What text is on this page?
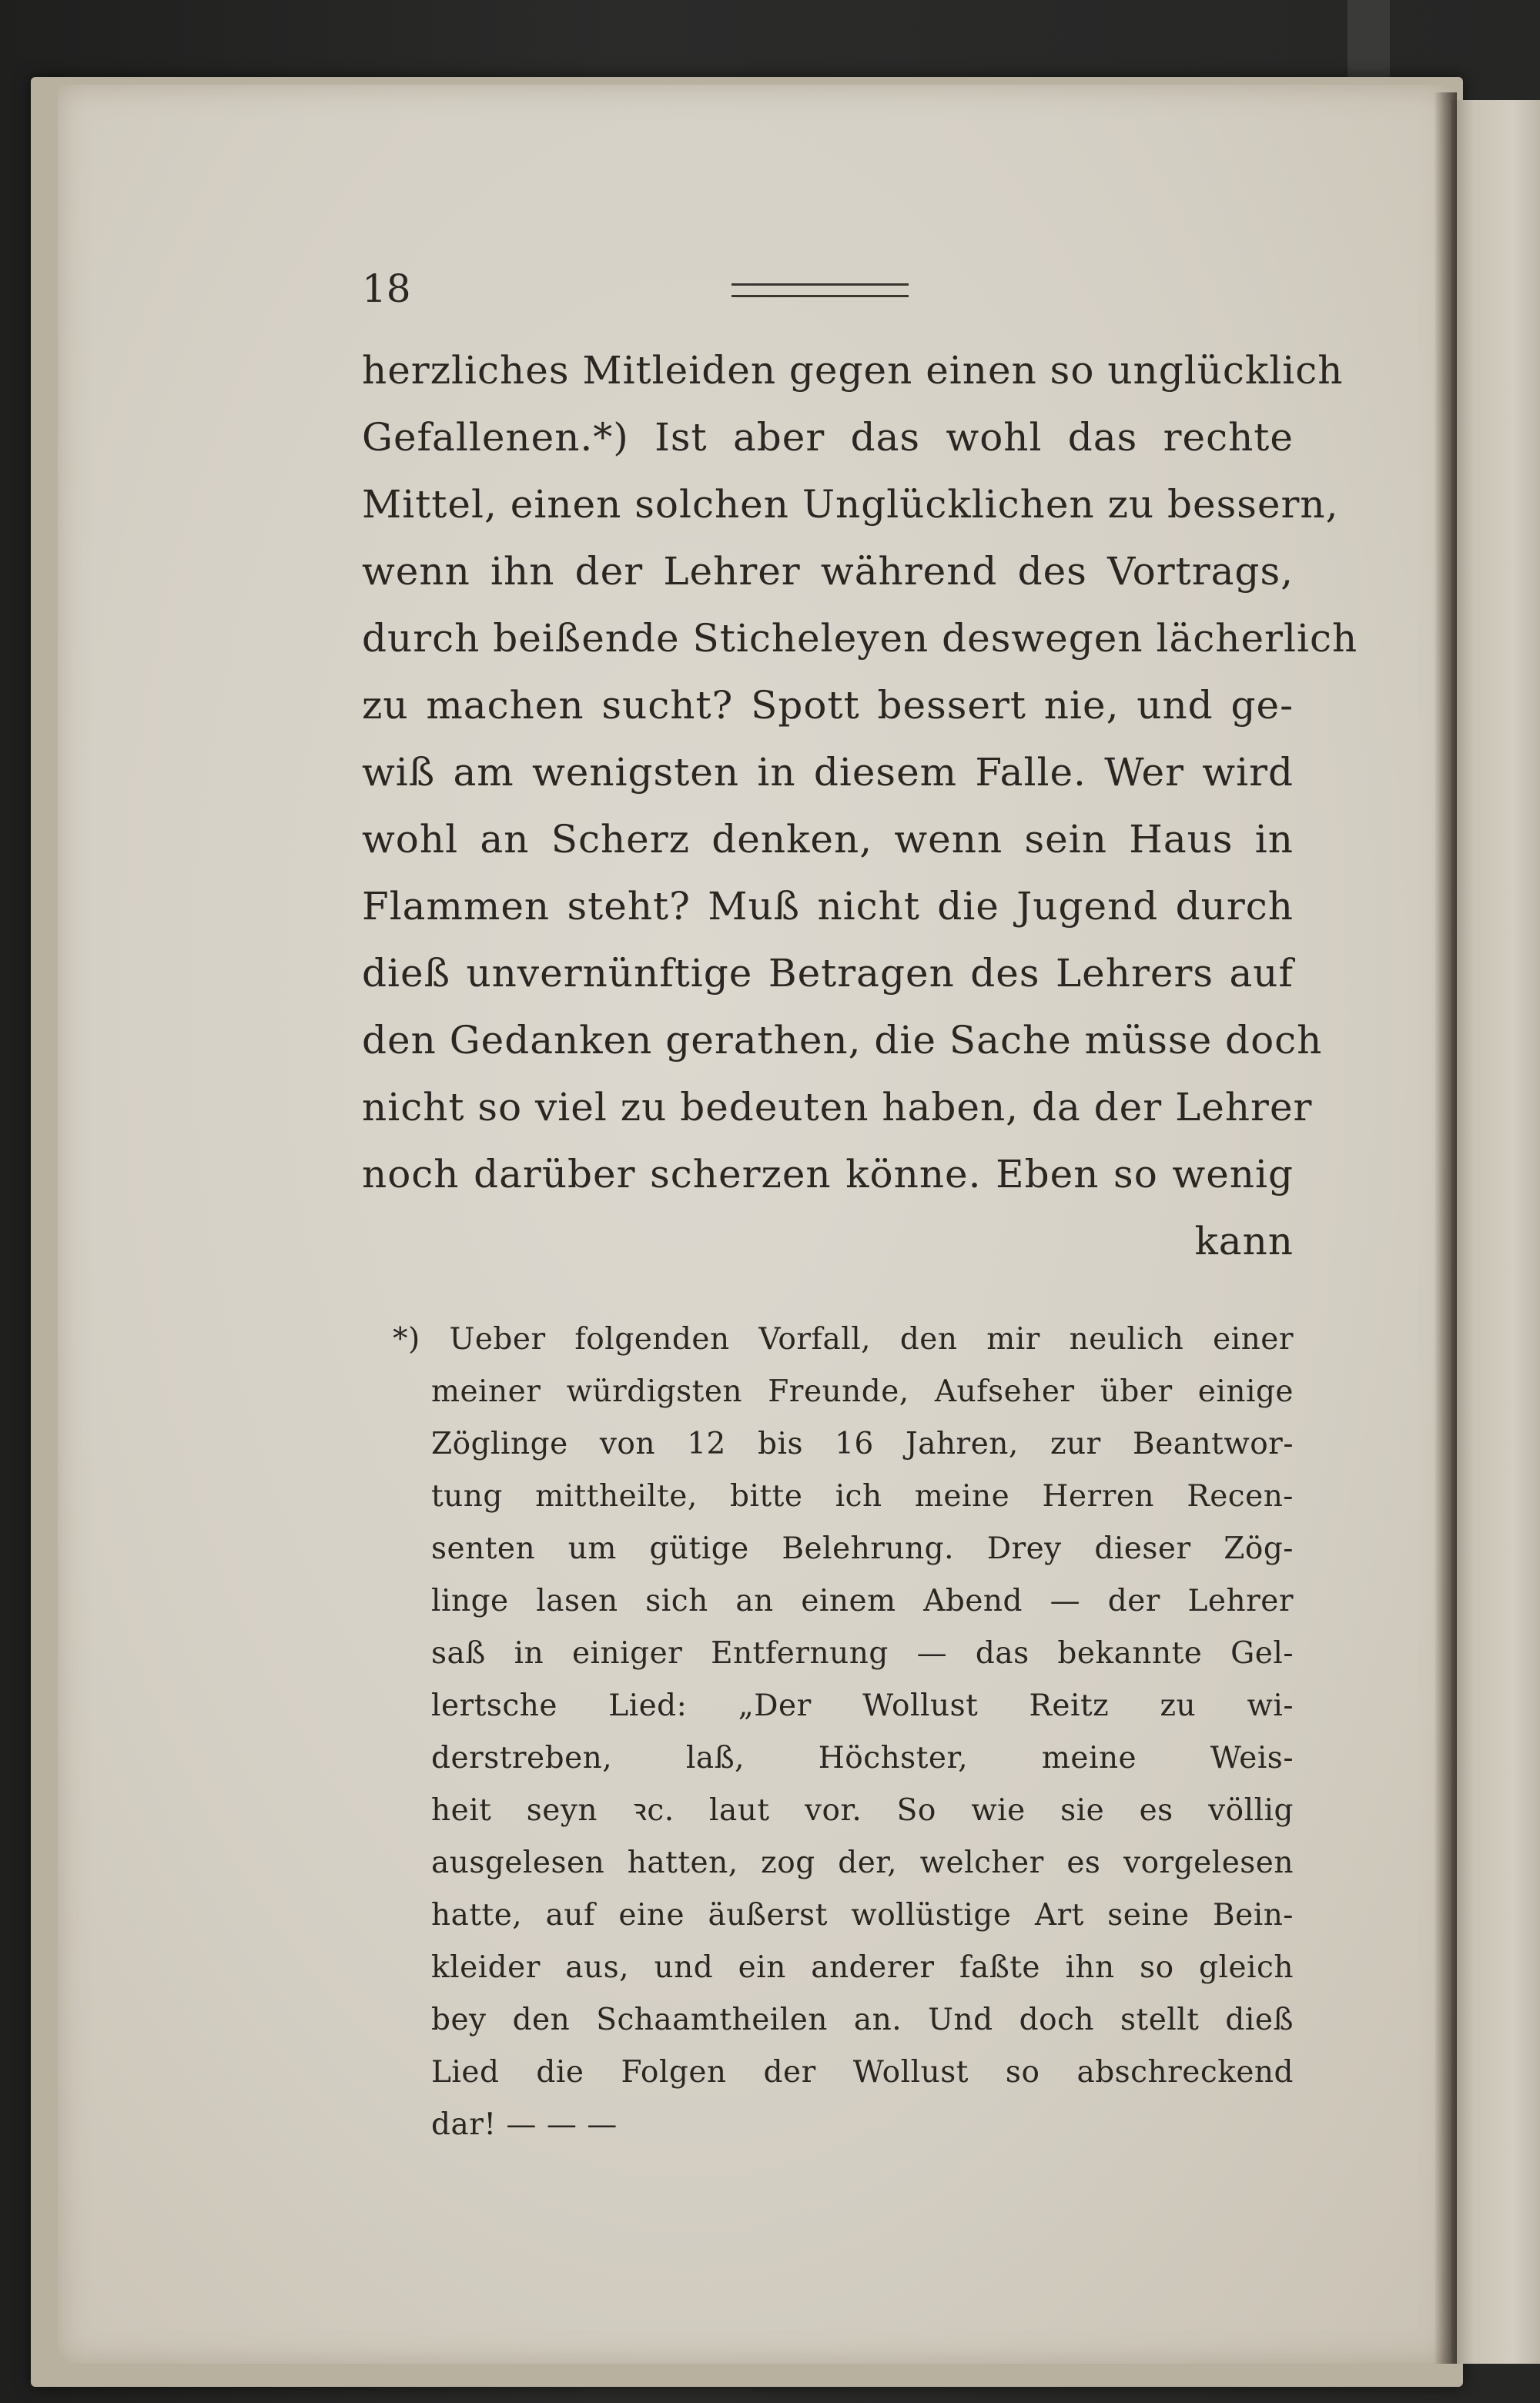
18
herzliches Mitleiden gegen einen so unglücklich
Gefallenen.*) Ist aber das wohl das rechte
Mittel, einen solchen Unglücklichen zu bessern,
wenn ihn der Lehrer während des Vortrags,
durch beißende Sticheleyen deswegen lächerlich
zu machen sucht? Spott bessert nie, und ge-
wiß am wenigsten in diesem Falle. Wer wird
wohl an Scherz denken, wenn sein Haus in
Flammen steht? Muß nicht die Jugend durch
dieß unvernünftige Betragen des Lehrers auf
den Gedanken gerathen, die Sache müsse doch
nicht so viel zu bedeuten haben, da der Lehrer
noch darüber scherzen könne. Eben so wenig
kann
*) Ueber folgenden Vorfall, den mir neulich einer
meiner würdigsten Freunde, Aufseher über einige
Zöglinge von 12 bis 16 Jahren, zur Beantwor-
tung mittheilte, bitte ich meine Herren Recen-
senten um gütige Belehrung. Drey dieser Zög-
linge lasen sich an einem Abend — der Lehrer
saß in einiger Entfernung — das bekannte Gel-
lertsche Lied: „Der Wollust Reitz zu wi-
derstreben, laß, Höchster, meine Weis-
heit seyn ꝛc. laut vor. So wie sie es völlig
ausgelesen hatten, zog der, welcher es vorgelesen
hatte, auf eine äußerst wollüstige Art seine Bein-
kleider aus, und ein anderer faßte ihn so gleich
bey den Schaamtheilen an. Und doch stellt dieß
Lied die Folgen der Wollust so abschreckend
dar! — — —
